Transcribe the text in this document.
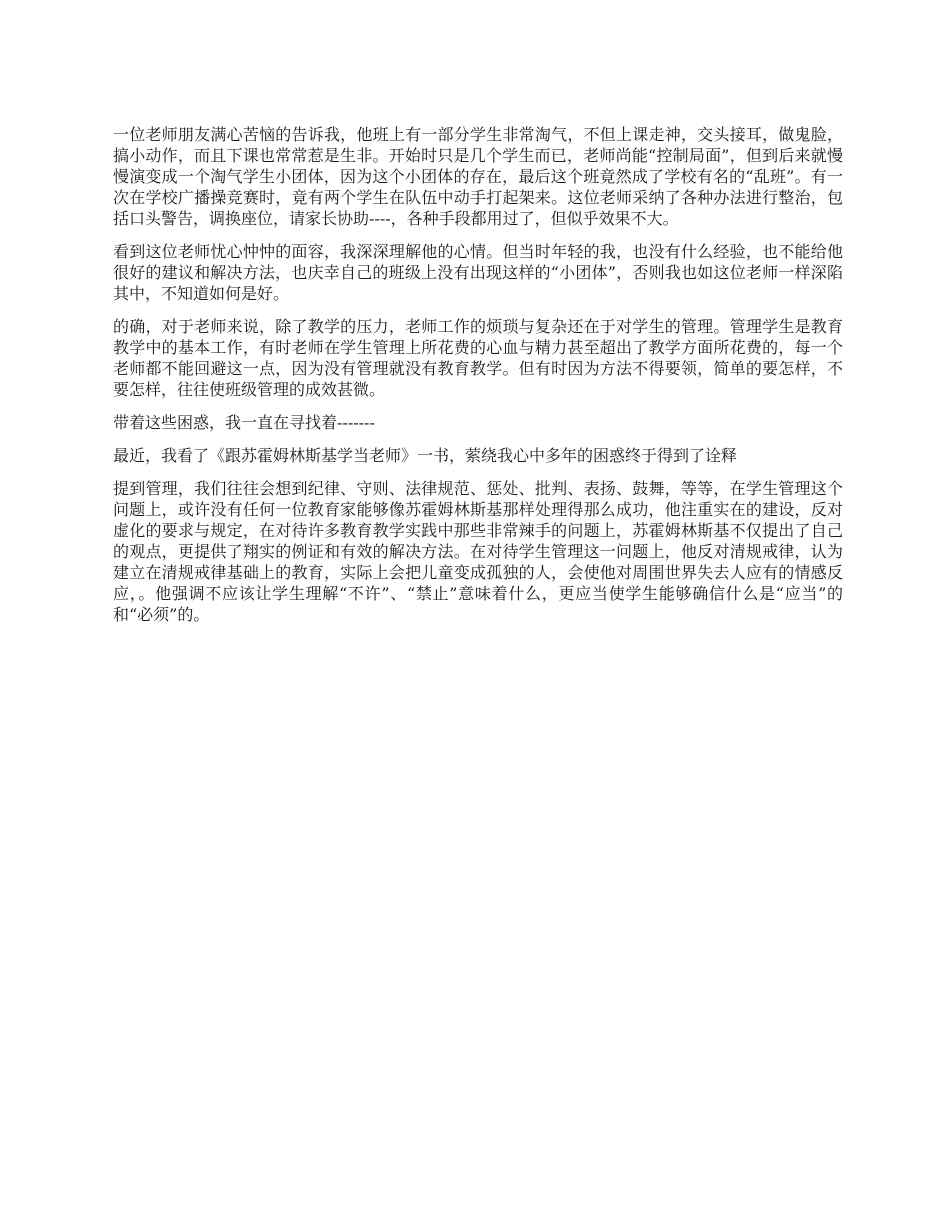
一位老师朋友满心苦恼的告诉我，他班上有一部分学生非常淘气，不但上课走神，交头接耳，做鬼脸，搞小动作，而且下课也常常惹是生非。开始时只是几个学生而已，老师尚能“控制局面”，但到后来就慢慢演变成一个淘气学生小团体，因为这个小团体的存在，最后这个班竟然成了学校有名的“乱班”。有一次在学校广播操竞赛时，竟有两个学生在队伍中动手打起架来。这位老师采纳了各种办法进行整治，包括口头警告，调换座位，请家长协助----，各种手段都用过了，但似乎效果不大。

看到这位老师忧心忡忡的面容，我深深理解他的心情。但当时年轻的我，也没有什么经验，也不能给他很好的建议和解决方法，也庆幸自己的班级上没有出现这样的“小团体”，否则我也如这位老师一样深陷其中，不知道如何是好。

的确，对于老师来说，除了教学的压力，老师工作的烦琐与复杂还在于对学生的管理。管理学生是教育教学中的基本工作，有时老师在学生管理上所花费的心血与精力甚至超出了教学方面所花费的，每一个老师都不能回避这一点，因为没有管理就没有教育教学。但有时因为方法不得要领，简单的要怎样，不要怎样，往往使班级管理的成效甚微。

带着这些困惑，我一直在寻找着-------

最近，我看了《跟苏霍姆林斯基学当老师》一书，萦绕我心中多年的困惑终于得到了诠释

提到管理，我们往往会想到纪律、守则、法律规范、惩处、批判、表扬、鼓舞，等等，在学生管理这个问题上，或许没有任何一位教育家能够像苏霍姆林斯基那样处理得那么成功，他注重实在的建设，反对虚化的要求与规定，在对待许多教育教学实践中那些非常辣手的问题上，苏霍姆林斯基不仅提出了自己的观点，更提供了翔实的例证和有效的解决方法。在对待学生管理这一问题上，他反对清规戒律，认为建立在清规戒律基础上的教育，实际上会把儿童变成孤独的人，会使他对周围世界失去人应有的情感反应，。他强调不应该让学生理解“不许”、“禁止”意味着什么，更应当使学生能够确信什么是“应当”的和“必须”的。
